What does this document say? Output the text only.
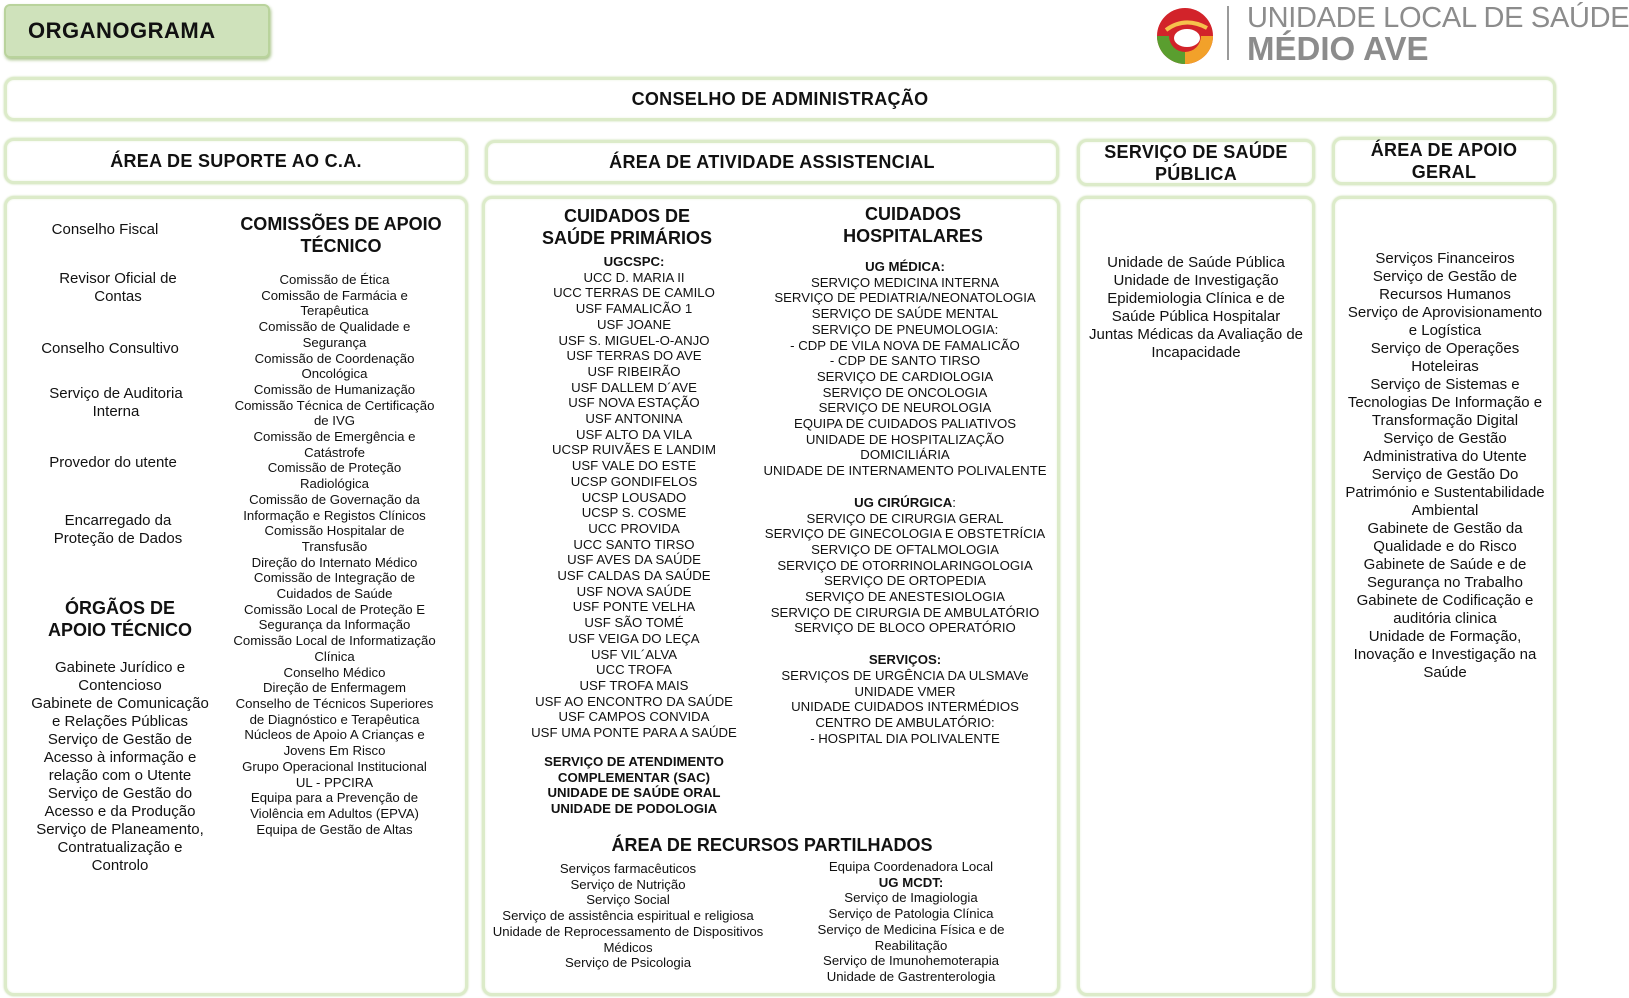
ORGANOGRAMA	UNIDADE LOCAL DE SAÚDE
MÉDIO AVE
CONSELHO DE ADMINISTRAÇÃO
ÁREA DE SUPORTE AO C.A.	ÁREA DE ATIVIDADE ASSISTENCIAL	SERVIÇO DE SAÚDE PÚBLICA
ÁREA DE APOIO GERAL
Conselho Fiscal
Revisor Oficial de Contas
Conselho Consultivo
Serviço de Auditoria Interna
Provedor do utente
Encarregado da Proteção de Dados
ÓRGÃOS DE APOIO TÉCNICO

Gabinete Jurídico e Contencioso

Gabinete de Comunicação e Relações Públicas

Serviço de Gestão de Acesso à informação e relação com o Utente

Serviço de Gestão do Acesso e da Produção

Serviço de Planeamento, Contratualização e Controlo

COMISSÕES DE APOIO TÉCNICO

Comissão de Ética

Comissão de Farmácia e Terapêutica

Comissão de Qualidade e Segurança

Comissão de Coordenação Oncológica

Comissão de Humanização

Comissão Técnica de Certificação de IVG

Comissão de Emergência e Catástrofe

Comissão de Proteção Radiológica

Comissão de Governação da Informação e Registos Clínicos

Comissão Hospitalar de Transfusão

Direção do Internato Médico

Comissão de Integração de Cuidados de Saúde

Comissão Local de Proteção E Segurança da Informação

Comissão Local de Informatização Clínica

Conselho Médico

Direção de Enfermagem

Conselho de Técnicos Superiores de Diagnóstico e Terapêutica

Núcleos de Apoio A Crianças e Jovens Em Risco

Grupo Operacional Institucional UL - PPCIRA

Equipa para a Prevenção de Violência em Adultos (EPVA)

Equipa de Gestão de Altas

CUIDADOS DE SAÚDE PRIMÁRIOS

UGCSPC:

UCC D. MARIA II

UCC TERRAS DE CAMILO

USF FAMALICÃO 1

USF JOANE

USF S. MIGUEL-O-ANJO

USF TERRAS DO AVE

USF RIBEIRÃO

USF DALLEM D´AVE

USF NOVA ESTAÇÃO

USF ANTONINA

USF ALTO DA VILA

UCSP RUIVÃES E LANDIM

USF VALE DO ESTE

UCSP GONDIFELOS

UCSP LOUSADO

UCSP S. COSME

UCC PROVIDA

UCC SANTO TIRSO

USF AVES DA SAÚDE

USF CALDAS DA SAÚDE

USF NOVA SAÚDE

USF PONTE VELHA

USF SÃO TOMÉ

USF VEIGA DO LEÇA

USF VIL´ALVA

UCC TROFA

USF TROFA MAIS

USF AO ENCONTRO DA SAÚDE

USF CAMPOS CONVIDA

USF UMA PONTE PARA A SAÚDE

SERVIÇO DE ATENDIMENTO COMPLEMENTAR (SAC)

UNIDADE DE SAÚDE ORAL

UNIDADE DE PODOLOGIA

CUIDADOS HOSPITALARES

UG MÉDICA:

SERVIÇO MEDICINA INTERNA

SERVIÇO DE PEDIATRIA/NEONATOLOGIA

SERVIÇO DE SAÚDE MENTAL

SERVIÇO DE PNEUMOLOGIA:

- CDP DE VILA NOVA DE FAMALICÃO

- CDP DE SANTO TIRSO

SERVIÇO DE CARDIOLOGIA

SERVIÇO DE ONCOLOGIA

SERVIÇO DE NEUROLOGIA

EQUIPA DE CUIDADOS PALIATIVOS

UNIDADE DE HOSPITALIZAÇÃO DOMICILIÁRIA

UNIDADE DE INTERNAMENTO POLIVALENTE

UG CIRÚRGICA:

SERVIÇO DE CIRURGIA GERAL

SERVIÇO DE GINECOLOGIA E OBSTETRÍCIA

SERVIÇO DE OFTALMOLOGIA

SERVIÇO DE OTORRINOLARINGOLOGIA

SERVIÇO DE ORTOPEDIA

SERVIÇO DE ANESTESIOLOGIA

SERVIÇO DE CIRURGIA DE AMBULATÓRIO

SERVIÇO DE BLOCO OPERATÓRIO

SERVIÇOS:

SERVIÇOS DE URGÊNCIA DA ULSMAVe

UNIDADE VMER

UNIDADE CUIDADOS INTERMÉDIOS

CENTRO DE AMBULATÓRIO:

- HOSPITAL DIA POLIVALENTE

ÁREA DE RECURSOS PARTILHADOS

Serviços farmacêuticos

Serviço de Nutrição

Serviço Social

Serviço de assistência espiritual e religiosa

Unidade de Reprocessamento de Dispositivos Médicos

Serviço de Psicologia

Equipa Coordenadora Local

UG MCDT:

Serviço de Imagiologia

Serviço de Patologia Clínica

Serviço de Medicina Física e de Reabilitação

Serviço de Imunohemoterapia

Unidade de Gastrenterologia

Unidade de Saúde Pública

Unidade de Investigação Epidemiologia Clínica e de Saúde Pública Hospitalar

Juntas Médicas da Avaliação de Incapacidade

Serviços Financeiros

Serviço de Gestão de Recursos Humanos

Serviço de Aprovisionamento e Logística

Serviço de Operações Hoteleiras

Serviço de Sistemas e Tecnologias De Informação e Transformação Digital

Serviço de Gestão Administrativa do Utente

Serviço de Gestão Do Património e Sustentabilidade Ambiental

Gabinete de Gestão da Qualidade e do Risco

Gabinete de Saúde e de Segurança no Trabalho

Gabinete de Codificação e auditória clinica

Unidade de Formação, Inovação e Investigação na Saúde
